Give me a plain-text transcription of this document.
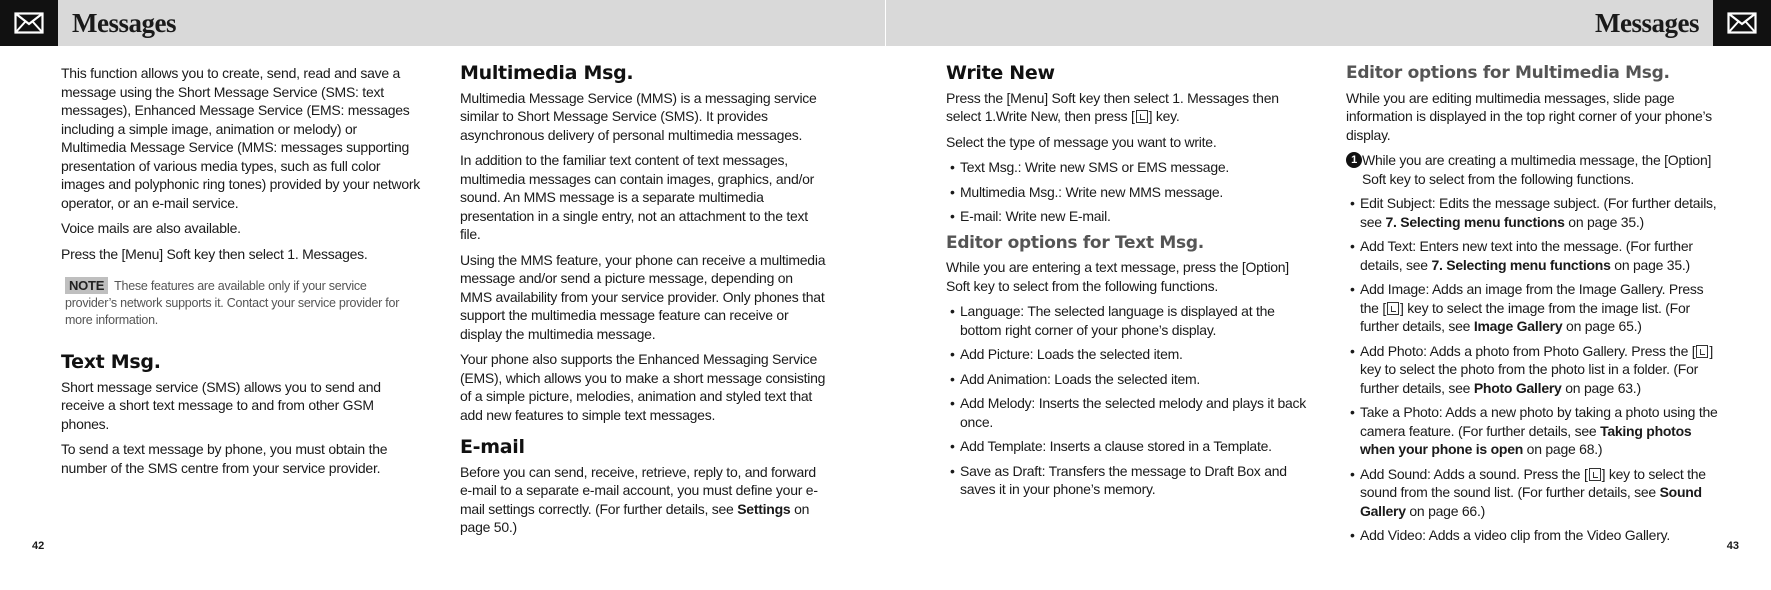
Messages

This function allows you to create, send, read and save a message using the Short Message Service (SMS: text messages), Enhanced Message Service (EMS: messages including a simple image, animation or melody) or Multimedia Message Service (MMS: messages supporting presentation of various media types, such as full color images and polyphonic ring tones) provided by your network operator, or an e-mail service.

Voice mails are also available.

Press the [Menu] Soft key then select 1. Messages.

NOTE These features are available only if your service provider’s network supports it. Contact your service provider for more information.
Text Msg.

Short message service (SMS) allows you to send and receive a short text message to and from other GSM phones.

To send a text message by phone, you must obtain the number of the SMS centre from your service provider.

Multimedia Msg.

Multimedia Message Service (MMS) is a messaging service similar to Short Message Service (SMS). It provides asynchronous delivery of personal multimedia messages.

In addition to the familiar text content of text messages, multimedia messages can contain images, graphics, and/or sound. An MMS message is a separate multimedia presentation in a single entry, not an attachment to the text file.

Using the MMS feature, your phone can receive a multimedia message and/or send a picture message, depending on MMS availability from your service provider. Only phones that support the multimedia message feature can receive or display the multimedia message.

Your phone also supports the Enhanced Messaging Service (EMS), which allows you to make a short message consisting of a simple picture, melodies, animation and styled text that add new features to simple text messages.

E-mail

Before you can send, receive, retrieve, reply to, and forward e-mail to a separate e-mail account, you must define your e-mail settings correctly. (For further details, see Settings on page 50.)

42
Messages
Write New

Press the [Menu] Soft key then select 1. Messages then select 1.Write New, then press [ ] key.

Select the type of message you want to write.

• Text Msg.: Write new SMS or EMS message.
• Multimedia Msg.: Write new MMS message.
• E-mail: Write new E-mail.
Editor options for Text Msg.

While you are entering a text message, press the [Option] Soft key to select from the following functions.

• Language: The selected language is displayed at the bottom right corner of your phone’s display.
• Add Picture: Loads the selected item.
• Add Animation: Loads the selected item.
• Add Melody: Inserts the selected melody and plays it back once.
• Add Template: Inserts a clause stored in a Template.
• Save as Draft: Transfers the message to Draft Box and saves it in your phone’s memory.
Editor options for Multimedia Msg.

While you are editing multimedia messages, slide page information is displayed in the top right corner of your phone’s display.

1 While you are creating a multimedia message, the [Option] Soft key to select from the following functions.
• Edit Subject: Edits the message subject. (For further details, see 7. Selecting menu functions on page 35.)
• Add Text: Enters new text into the message. (For further details, see 7. Selecting menu functions on page 35.)
• Add Image: Adds an image from the Image Gallery. Press the [ ] key to select the image from the image list. (For further details, see Image Gallery on page 65.)
• Add Photo: Adds a photo from Photo Gallery. Press the [ ] key to select the photo from the photo list in a folder. (For further details, see Photo Gallery on page 63.)
• Take a Photo: Adds a new photo by taking a photo using the camera feature. (For further details, see Taking photos when your phone is open on page 68.)
• Add Sound: Adds a sound. Press the [ ] key to select the sound from the sound list. (For further details, see Sound Gallery on page 66.)
• Add Video: Adds a video clip from the Video Gallery.
43
